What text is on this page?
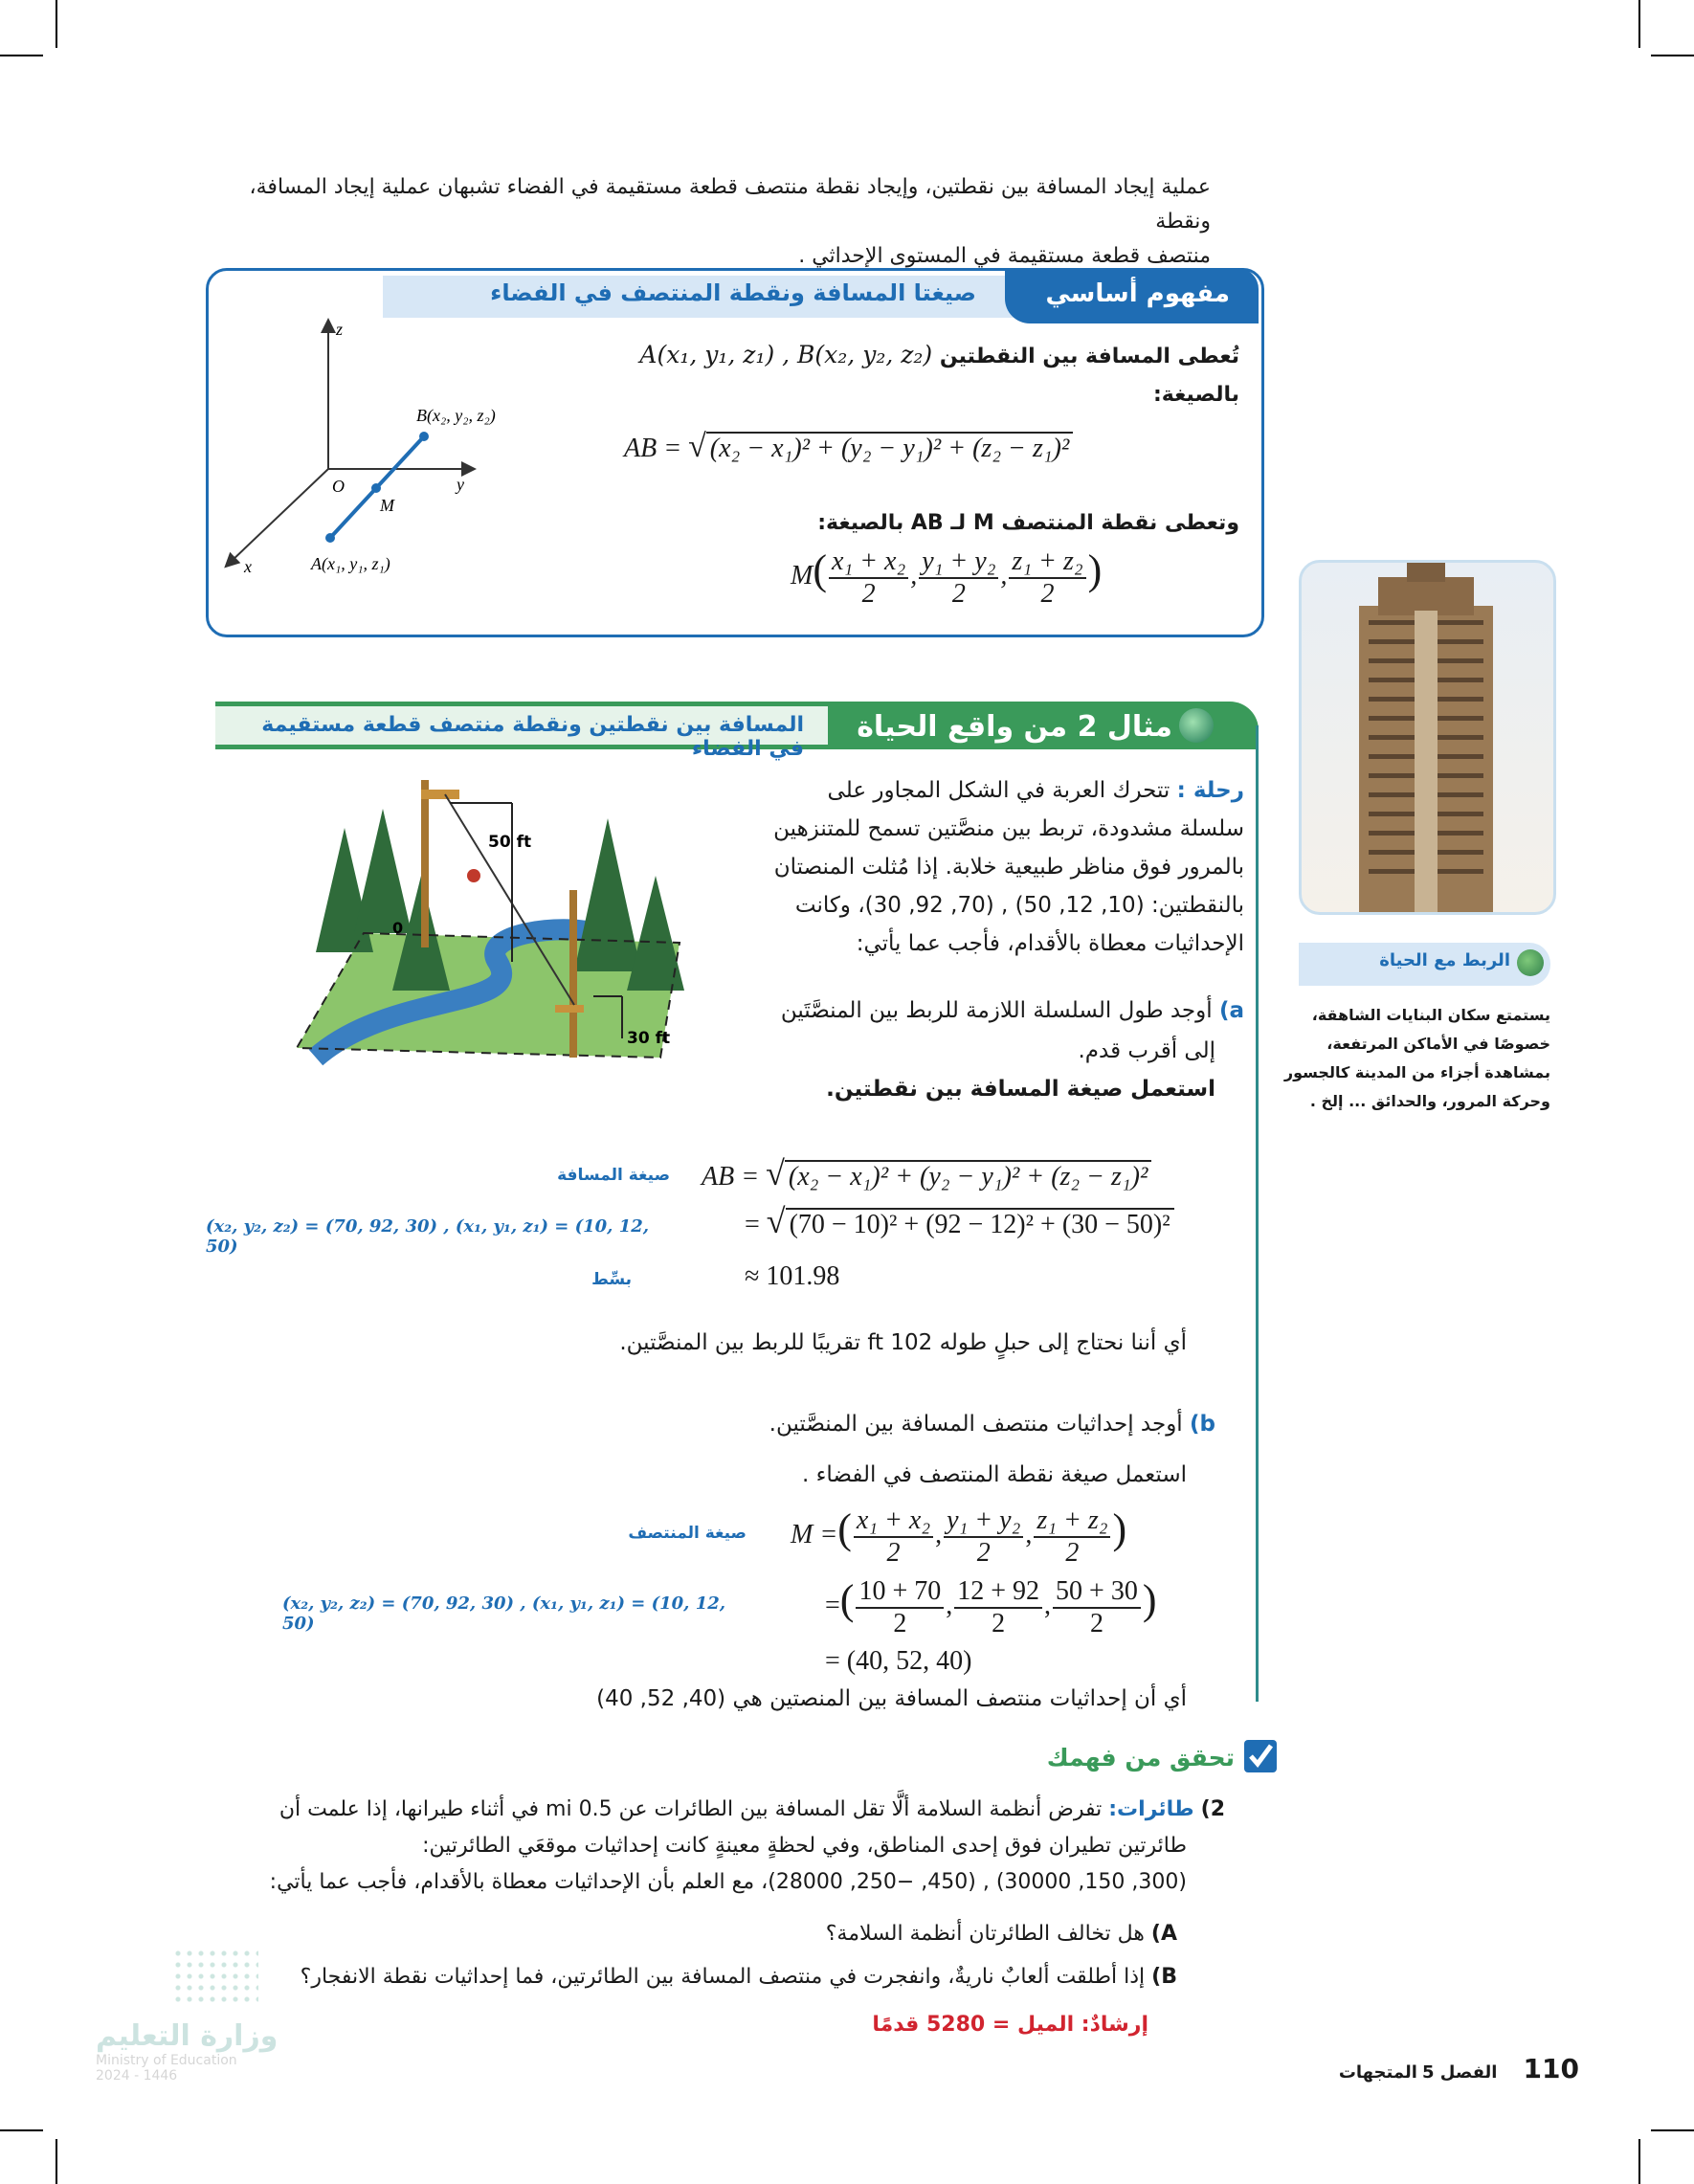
عملية إيجاد المسافة بين نقطتين، وإيجاد نقطة منتصف قطعة مستقيمة في الفضاء تشبهان عملية إيجاد المسافة، ونقطة
منتصف قطعة مستقيمة في المستوى الإحداثي .
صيغتا المسافة ونقطة المنتصف في الفضاء	مفهوم أساسي
تُعطى المسافة بين النقطتين A(x₁, y₁, z₁) , B(x₂, y₂, z₂)
بالصيغة:
AB = √ (x₂ − x₁)² + (y₂ − y₁)² + (z₂ − z₁)²
وتعطى نقطة المنتصف M لـ AB بالصيغة:
$M( \frac{\text{x₁ + x₂}}{2}$ , $\frac{\text{y₁ + y₂}}{2}$ , $\frac{\text{z₁ + z₂}}{2}$ )
z
y
x
O
M
B(x₂, y₂, z₂)
A(x₁, y₁, z₁)
الربط مع الحياة
يستمتع سكان البنايات الشاهقة،
خصوصًا في الأماكن المرتفعة،
بمشاهدة أجزاء من المدينة كالجسور
وحركة المرور، والحدائق ... إلخ .
المسافة بين نقطتين ونقطة منتصف قطعة مستقيمة في الفضاء
مثال 2 من واقع الحياة
رحلة : تتحرك العربة في الشكل المجاور على
سلسلة مشدودة، تربط بين منصَّتين تسمح للمتنزهين
بالمرور فوق مناظر طبيعية خلابة. إذا مُثلت المنصتان
بالنقطتين: (10, 12, 50) , (70, 92, 30)، وكانت
الإحداثيات معطاة بالأقدام، فأجب عما يأتي:
50 ft
30 ft
0
a) أوجد طول السلسلة اللازمة للربط بين المنصَّتَين
إلى أقرب قدم.
استعمل صيغة المسافة بين نقطتين.
صيغة المسافة
(x₂, y₂, z₂) = (70, 92, 30) , (x₁, y₁, z₁) = (10, 12, 50)
بسِّط
AB = √ (x₂ − x₁)² + (y₂ − y₁)² + (z₂ − z₁)²
= √ (70 − 10)² + (92 − 12)² + (30 − 50)²
≈ 101.98
أي أننا نحتاج إلى حبلٍ طوله 102 ft تقريبًا للربط بين المنصَّتين.
b) أوجد إحداثيات منتصف المسافة بين المنصَّتين.
استعمل صيغة نقطة المنتصف في الفضاء .
صيغة المنتصف
(x₂, y₂, z₂) = (70, 92, 30) , (x₁, y₁, z₁) = (10, 12, 50)
M =( $\frac{\text{x₁ + x₂}}{2}$ , $\frac{\text{y₁ + y₂}}{2}$ , $\frac{\text{z₁ + z₂}}{2}$ )
=( $\frac{10 + 70}{2}$ , $\frac{12 + 92}{2}$ , $\frac{50 + 30}{2}$ )
= (40, 52, 40)
أي أن إحداثيات منتصف المسافة بين المنصتين هي (40, 52, 40)
تحقق من فهمك
2) طائرات: تفرض أنظمة السلامة ألَّا تقل المسافة بين الطائرات عن 0.5 mi في أثناء طيرانها، إذا علمت أن
طائرتين تطيران فوق إحدى المناطق، وفي لحظةٍ معينةٍ كانت إحداثيات موقعَي الطائرتين:
(300, 150, 30000) , (450, −250, 28000)، مع العلم بأن الإحداثيات معطاة بالأقدام، فأجب عما يأتي:
A) هل تخالف الطائرتان أنظمة السلامة؟
B) إذا أطلقت ألعابٌ ناريةٌ، وانفجرت في منتصف المسافة بين الطائرتين، فما إحداثيات نقطة الانفجار؟
إرشادٌ: الميل = 5280 قدمًا
وزارة التعليم
Ministry of Education
2024 - 1446	110 الفصل 5 المتجهات
